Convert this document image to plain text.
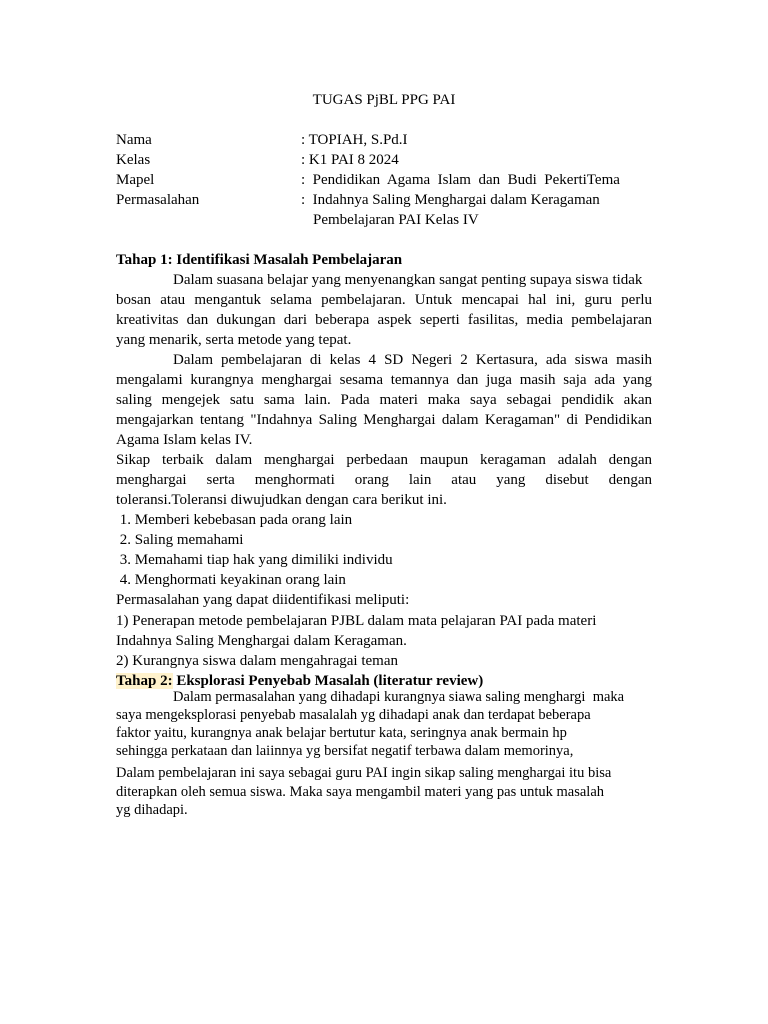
TUGAS PjBL PPG PAI
Nama	: TOPIAH, S.Pd.I
Kelas	: K1 PAI 8 2024
Mapel	:  Pendidikan  Agama  Islam  dan  Budi  PekertiTema
Permasalahan	:  Indahnya Saling Menghargai dalam Keragaman
Pembelajaran PAI Kelas IV
Tahap 1: Identifikasi Masalah Pembelajaran
Dalam suasana belajar yang menyenangkan sangat penting supaya siswa tidak
bosan atau mengantuk selama pembelajaran. Untuk mencapai hal ini, guru perlu
kreativitas dan dukungan dari beberapa aspek seperti fasilitas, media pembelajaran
yang menarik, serta metode yang tepat.
Dalam pembelajaran di kelas 4 SD Negeri 2 Kertasura, ada siswa masih
mengalami kurangnya menghargai sesama temannya dan juga masih saja ada yang
saling mengejek satu sama lain. Pada materi maka saya sebagai pendidik akan
mengajarkan tentang "Indahnya Saling Menghargai dalam Keragaman" di Pendidikan
Agama Islam kelas IV.
Sikap terbaik dalam menghargai perbedaan maupun keragaman adalah dengan
menghargai serta menghormati orang lain atau yang disebut dengan
toleransi.Toleransi diwujudkan dengan cara berikut ini.
1. Memberi kebebasan pada orang lain
2. Saling memahami
3. Memahami tiap hak yang dimiliki individu
4. Menghormati keyakinan orang lain
Permasalahan yang dapat diidentifikasi meliputi:
1) Penerapan metode pembelajaran PJBL dalam mata pelajaran PAI pada materi
Indahnya Saling Menghargai dalam Keragaman.
2) Kurangnya siswa dalam mengahragai teman
Tahap 2: Eksplorasi Penyebab Masalah (literatur review)
Dalam permasalahan yang dihadapi kurangnya siawa saling menghargi  maka
saya mengeksplorasi penyebab masalalah yg dihadapi anak dan terdapat beberapa
faktor yaitu, kurangnya anak belajar bertutur kata, seringnya anak bermain hp
sehingga perkataan dan laiinnya yg bersifat negatif terbawa dalam memorinya,
Dalam pembelajaran ini saya sebagai guru PAI ingin sikap saling menghargai itu bisa
diterapkan oleh semua siswa. Maka saya mengambil materi yang pas untuk masalah
yg dihadapi.
